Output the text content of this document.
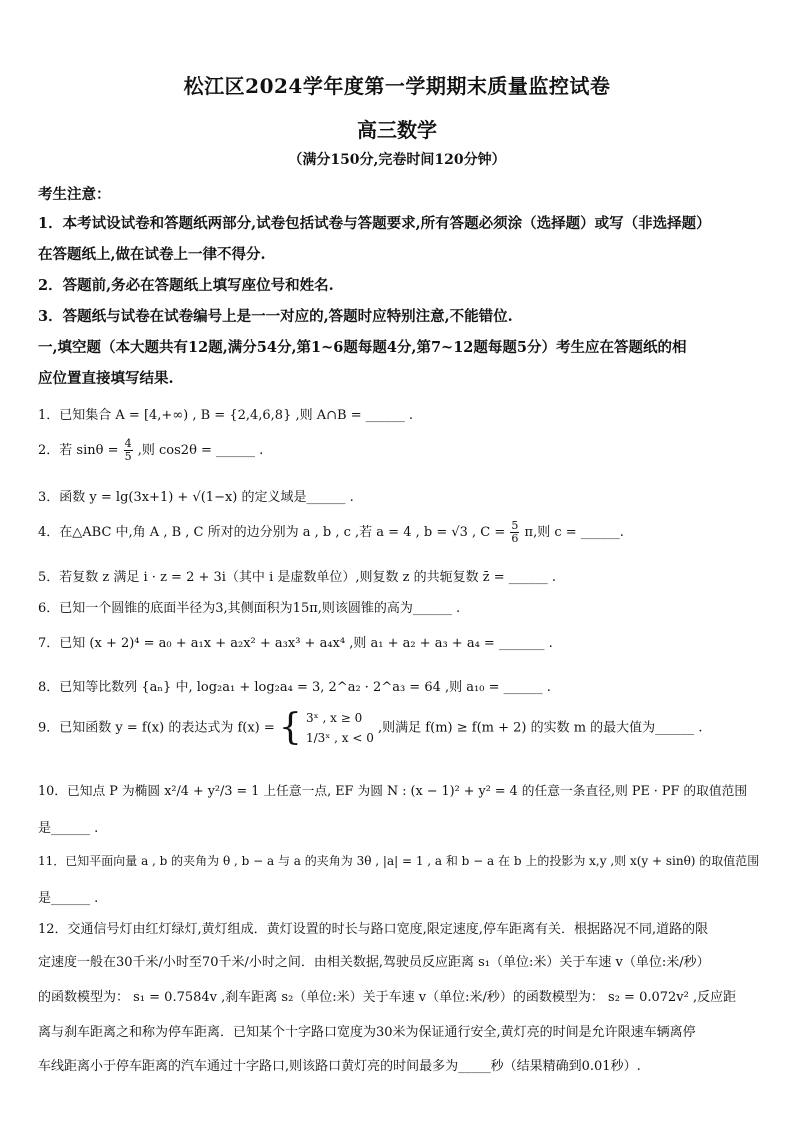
松江区2024学年度第一学期期末质量监控试卷
高三数学
（满分150分,完卷时间120分钟）
考生注意：
1．本考试设试卷和答题纸两部分,试卷包括试卷与答题要求,所有答题必须涂（选择题）或写（非选择题）
在答题纸上,做在试卷上一律不得分.
2．答题前,务必在答题纸上填写座位号和姓名.
3．答题纸与试卷在试卷编号上是一一对应的,答题时应特别注意,不能错位.
一,填空题（本大题共有12题,满分54分,第1~6题每题4分,第7~12题每题5分）考生应在答题纸的相
应位置直接填写结果.
1．已知集合 A = [4,+∞) , B = {2,4,6,8} ,则 A∩B = ______ .
2．若 $\sin\theta = \frac{4}{5}$ ,则 cos2θ = ______ .
3．函数 y = lg(3x+1) + √(1−x) 的定义域是______ .
4．在△ABC 中,角 A , B , C 所对的边分别为 a , b , c ,若 a = 4 , b = √3 , $C = \frac{5}{6} \pi$,则 c = ______.
5．若复数 z 满足 i · z = 2 + 3i（其中 i 是虚数单位）,则复数 z 的共轭复数 z̄ = ______ .
6．已知一个圆锥的底面半径为3,其侧面积为15π,则该圆锥的高为______ .
7．已知 (x + 2)⁴ = a₀ + a₁x + a₂x² + a₃x³ + a₄x⁴ ,则 a₁ + a₂ + a₃ + a₄ = _______ .
8．已知等比数列 {aₙ} 中, log₂a₁ + log₂a₄ = 3, 2^a₂ · 2^a₃ = 64 ,则 a₁₀ = ______ .
9．已知函数 y = f(x) 的表达式为 f(x) = { 3ˣ , x ≥ 0
1/3ˣ , x < 0
,则满足 f(m) ≥ f(m + 2) 的实数 m 的最大值为______ .
10．已知点 P 为椭圆 x²/4 + y²/3 = 1 上任意一点, EF 为圆 N : (x − 1)² + y² = 4 的任意一条直径,则 PE · PF 的取值范围
是______ .
11．已知平面向量 a , b 的夹角为 θ , b − a 与 a 的夹角为 3θ , |a| = 1 , a 和 b − a 在 b 上的投影为 x,y ,则 x(y + sinθ) 的取值范围
是______ .
12．交通信号灯由红灯绿灯,黄灯组成．黄灯设置的时长与路口宽度,限定速度,停车距离有关．根据路况不同,道路的限
定速度一般在30千米/小时至70千米/小时之间．由相关数据,驾驶员反应距离 s₁（单位:米）关于车速 v（单位:米/秒）
的函数模型为： s₁ = 0.7584v ,刹车距离 s₂（单位:米）关于车速 v（单位:米/秒）的函数模型为： s₂ = 0.072v² ,反应距
离与刹车距离之和称为停车距离．已知某个十字路口宽度为30米为保证通行安全,黄灯亮的时间是允许限速车辆离停
车线距离小于停车距离的汽车通过十字路口,则该路口黄灯亮的时间最多为_____秒（结果精确到0.01秒）.
